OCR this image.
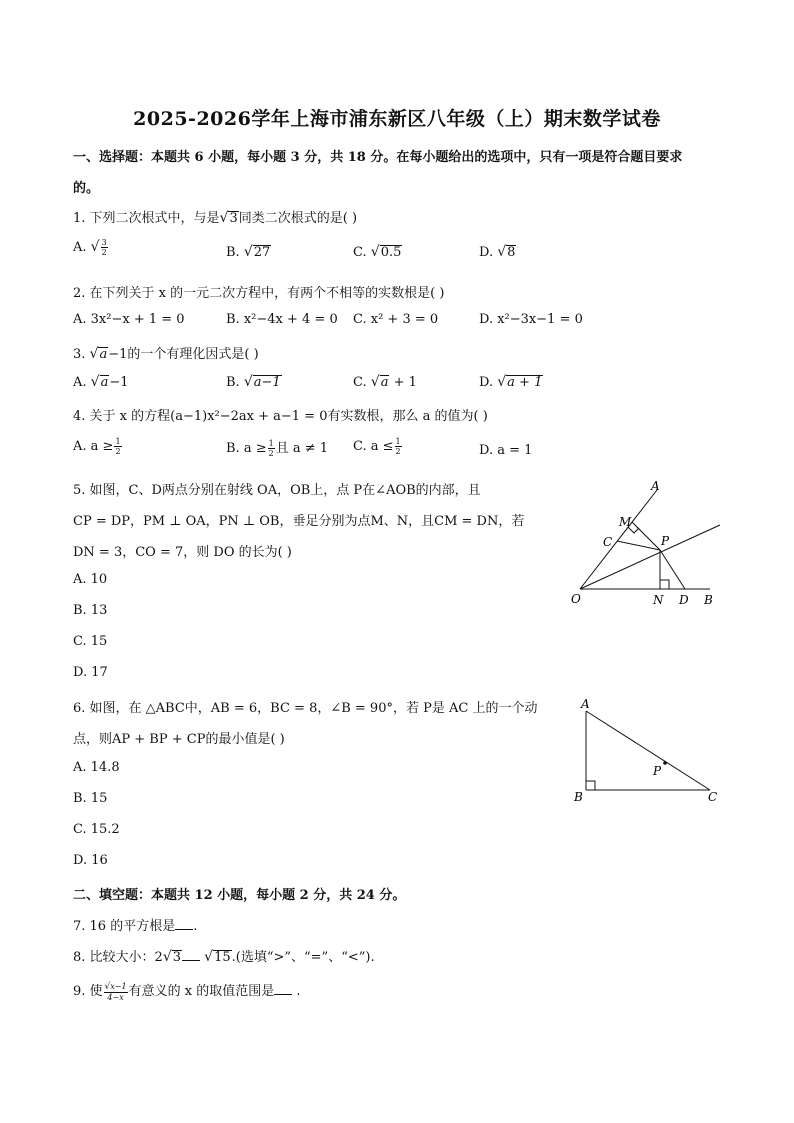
2025-2026学年上海市浦东新区八年级（上）期末数学试卷
一、选择题：本题共 6 小题，每小题 3 分，共 18 分。在每小题给出的选项中，只有一项是符合题目要求
的。
1. 下列二次根式中，与是√3同类二次根式的是( )
A. √ $\frac{3}{2}$	B. √27	C. √0.5	D. √8
2. 在下列关于 x 的一元二次方程中，有两个不相等的实数根是( )
A. 3x²−x + 1 = 0	B. x²−4x + 4 = 0 C. x² + 3 = 0	D. x²−3x−1 = 0
3. √a−1的一个有理化因式是( )
A. √a−1	B. √a−1	C. √a + 1	D. √a + 1
4. 关于 x 的方程(a−1)x²−2ax + a−1 = 0有实数根，那么 a 的值为( )
A. $a \ge \frac{1}{2}$	B. $a \ge \frac{1}{2}$ 且 a ≠ 1 C. $a \le \frac{1}{2}$	D. a = 1
5. 如图，C、D两点分别在射线 OA，OB上，点 P在∠AOB的内部，且
CP = DP，PM ⊥ OA，PN ⊥ OB，垂足分别为点M、N，且CM = DN，若
DN = 3，CO = 7，则 DO 的长为( )
A. 10
B. 13
C. 15
D. 17
A
M
C	P
O	N D B
6. 如图，在 △ABC中，AB = 6，BC = 8，∠B = 90°，若 P是 AC 上的一个动
点，则AP + BP + CP的最小值是( )
A. 14.8
B. 15
C. 15.2
D. 16
A
B	C
P
二、填空题：本题共 12 小题，每小题 2 分，共 24 分。
7. 16 的平方根是 .
8. 比较大小：2√3 √15.(选填“>”、“=”、“<”).
9. 使 $\frac{√x-1}{4-x}$ 有意义的 x 的取值范围是 .
